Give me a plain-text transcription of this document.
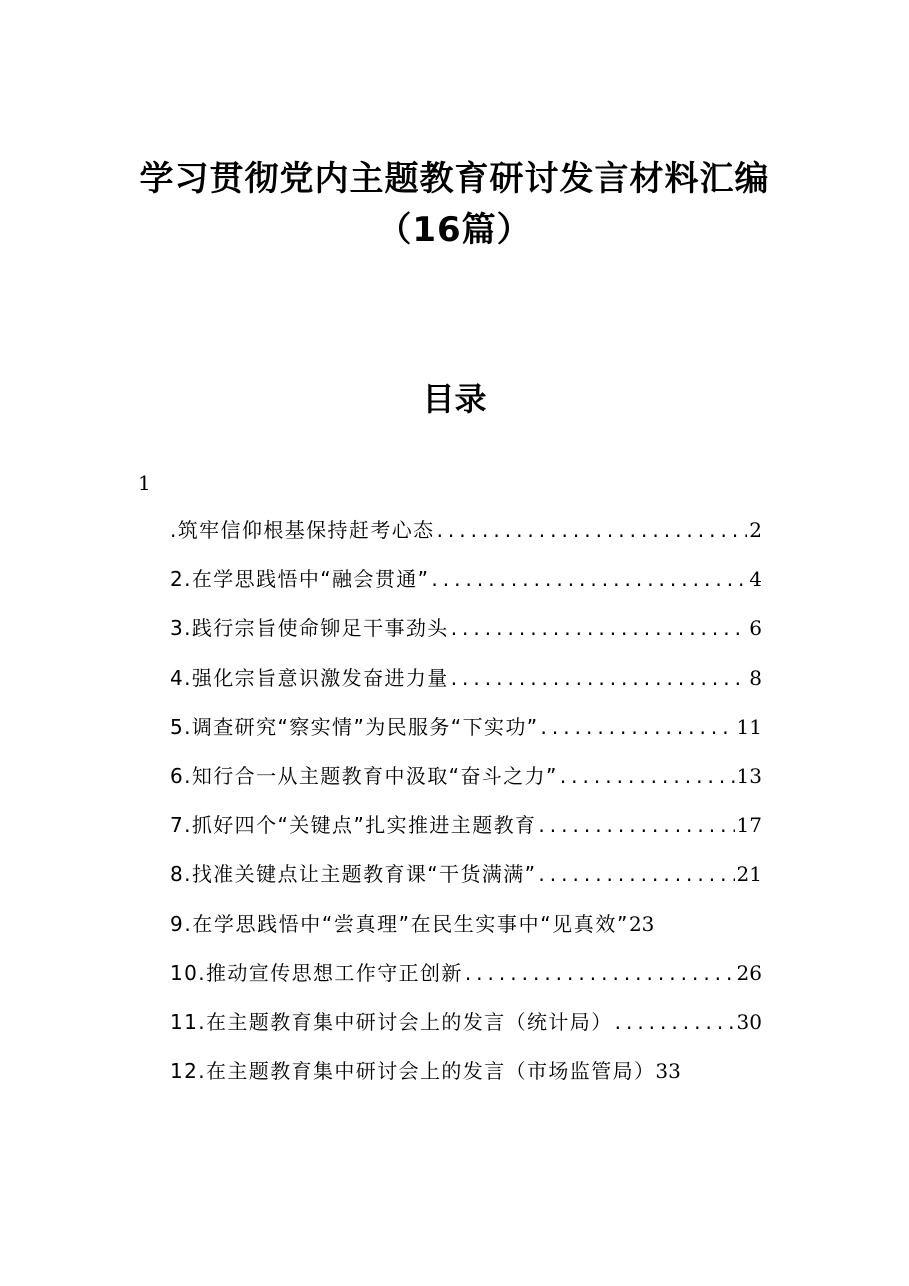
学习贯彻党内主题教育研讨发言材料汇编（16篇）
目录
1
.筑牢信仰根基保持赶考心态 .....	2
2.在学思践悟中“融会贯通” .....	4
3.践行宗旨使命铆足干事劲头 .....	6
4.强化宗旨意识激发奋进力量 .....	8
5.调查研究“察实情”为民服务“下实功” .....	11
6.知行合一从主题教育中汲取“奋斗之力” .....	13
7.抓好四个“关键点”扎实推进主题教育 .....	17
8.找准关键点让主题教育课“干货满满” .....	21
9.在学思践悟中“尝真理”在民生实事中“见真效” 23
10.推动宣传思想工作守正创新 .....	26
11.在主题教育集中研讨会上的发言（统计局） .....	30
12.在主题教育集中研讨会上的发言（市场监管局） 33
